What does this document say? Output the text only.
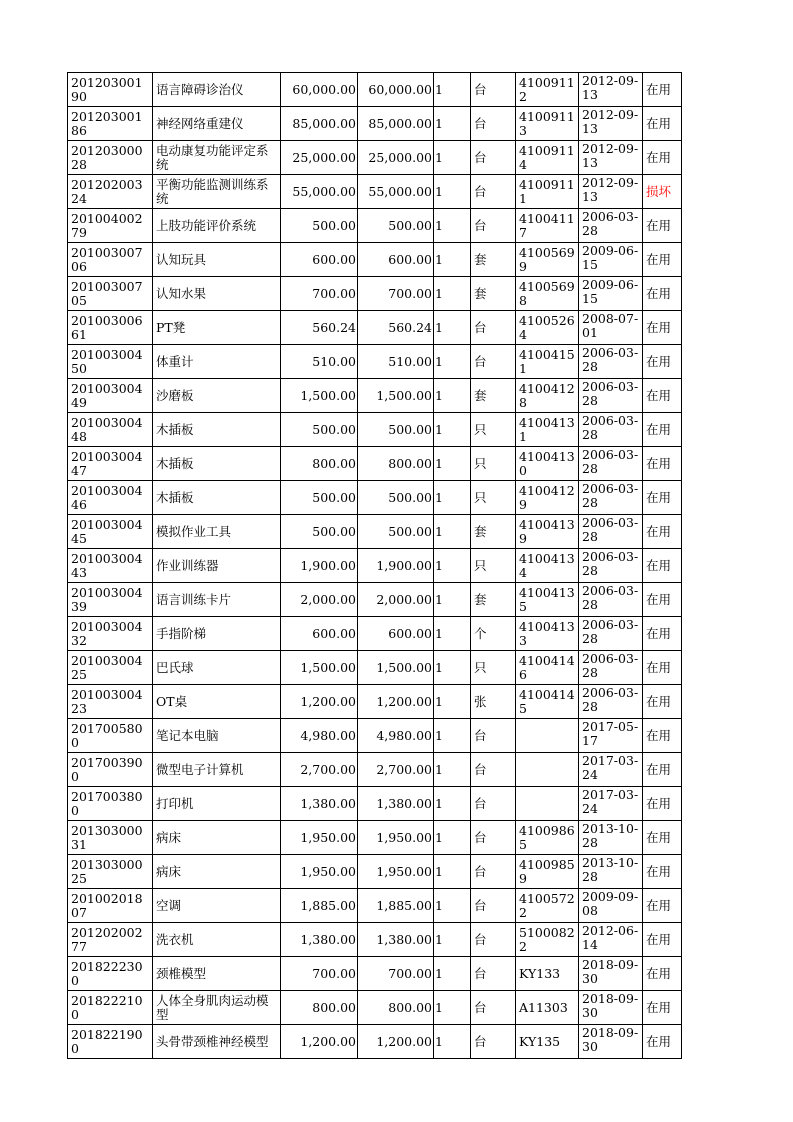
20120300190	语言障碍诊治仪	60,000.00	60,000.00	1	台	41009112	2012-09-13	在用
20120300186	神经网络重建仪	85,000.00	85,000.00	1	台	41009113	2012-09-13	在用
20120300028	电动康复功能评定系统	25,000.00	25,000.00	1	台	41009114	2012-09-13	在用
20120200324	平衡功能监测训练系统	55,000.00	55,000.00	1	台	41009111	2012-09-13	损坏
20100400279	上肢功能评价系统	500.00	500.00	1	台	41004117	2006-03-28	在用
20100300706	认知玩具	600.00	600.00	1	套	41005699	2009-06-15	在用
20100300705	认知水果	700.00	700.00	1	套	41005698	2009-06-15	在用
20100300661	PT凳	560.24	560.24	1	台	41005264	2008-07-01	在用
20100300450	体重计	510.00	510.00	1	台	41004151	2006-03-28	在用
20100300449	沙磨板	1,500.00	1,500.00	1	套	41004128	2006-03-28	在用
20100300448	木插板	500.00	500.00	1	只	41004131	2006-03-28	在用
20100300447	木插板	800.00	800.00	1	只	41004130	2006-03-28	在用
20100300446	木插板	500.00	500.00	1	只	41004129	2006-03-28	在用
20100300445	模拟作业工具	500.00	500.00	1	套	41004139	2006-03-28	在用
20100300443	作业训练器	1,900.00	1,900.00	1	只	41004134	2006-03-28	在用
20100300439	语言训练卡片	2,000.00	2,000.00	1	套	41004135	2006-03-28	在用
20100300432	手指阶梯	600.00	600.00	1	个	41004133	2006-03-28	在用
20100300425	巴氏球	1,500.00	1,500.00	1	只	41004146	2006-03-28	在用
20100300423	OT桌	1,200.00	1,200.00	1	张	41004145	2006-03-28	在用
2017005800	笔记本电脑	4,980.00	4,980.00	1	台		2017-05-17	在用
2017003900	微型电子计算机	2,700.00	2,700.00	1	台		2017-03-24	在用
2017003800	打印机	1,380.00	1,380.00	1	台		2017-03-24	在用
20130300031	病床	1,950.00	1,950.00	1	台	41009865	2013-10-28	在用
20130300025	病床	1,950.00	1,950.00	1	台	41009859	2013-10-28	在用
20100201807	空调	1,885.00	1,885.00	1	台	41005722	2009-09-08	在用
20120200277	洗衣机	1,380.00	1,380.00	1	台	51000822	2012-06-14	在用
2018222300	颈椎模型	700.00	700.00	1	台	KY133	2018-09-30	在用
2018222100	人体全身肌肉运动模型	800.00	800.00	1	台	A11303	2018-09-30	在用
2018221900	头骨带颈椎神经模型	1,200.00	1,200.00	1	台	KY135	2018-09-30	在用
